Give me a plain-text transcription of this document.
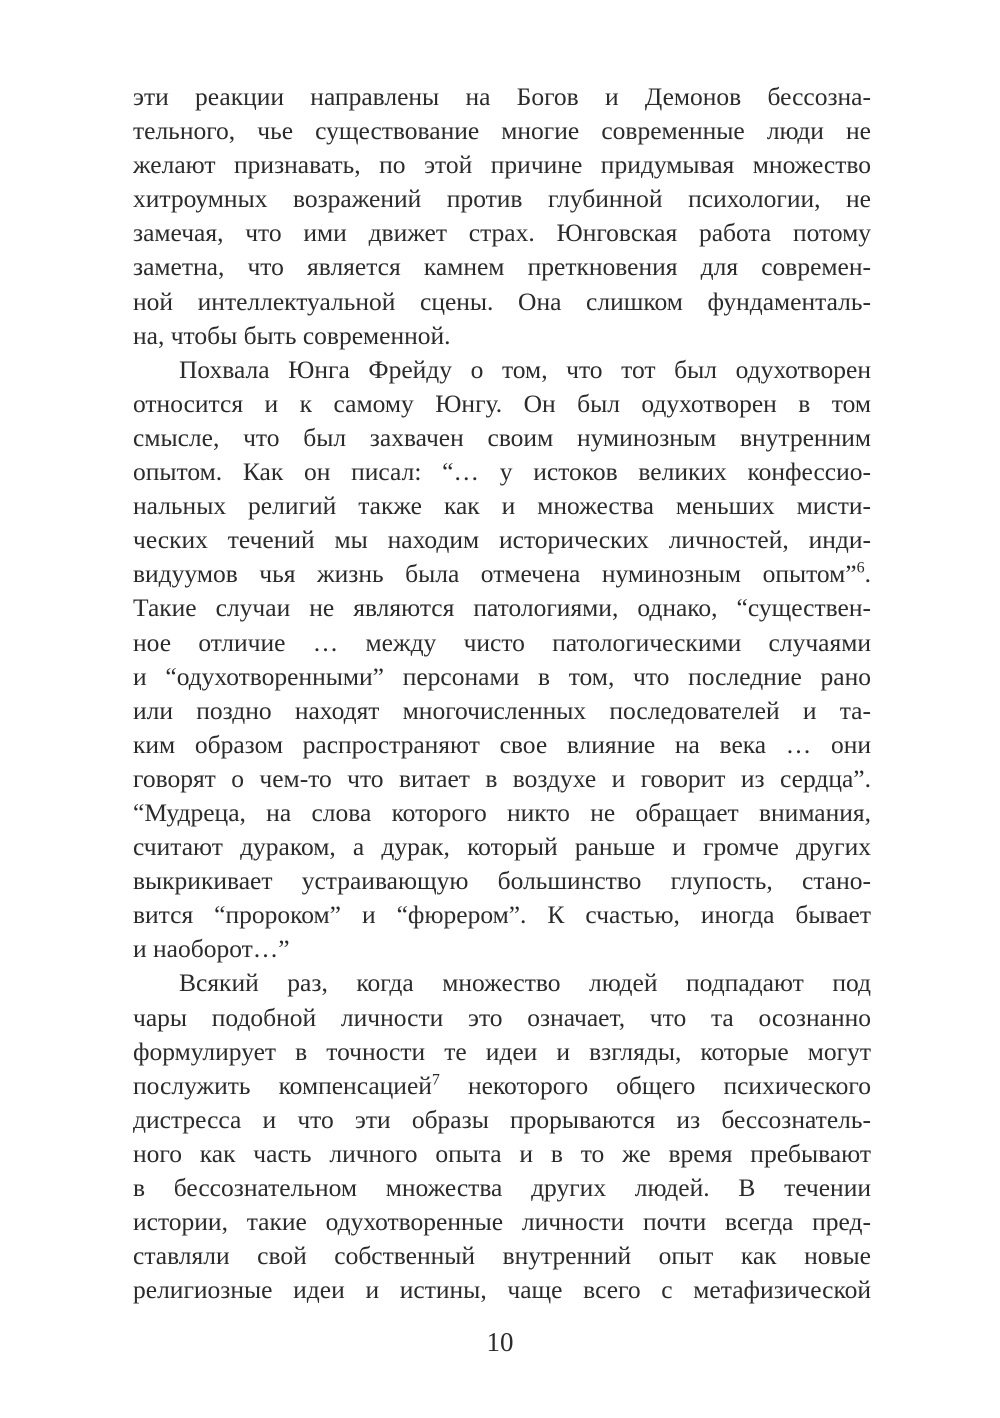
эти реакции направлены на Богов и Демонов бессозна-
тельного, чье существование многие современные люди не
желают признавать, по этой причине придумывая множество
хитроумных возражений против глубинной психологии, не
замечая, что ими движет страх. Юнговская работа потому
заметна, что является камнем преткновения для современ-
ной интеллектуальной сцены. Она слишком фундаменталь-
на, чтобы быть современной.
Похвала Юнга Фрейду о том, что тот был одухотворен
относится и к самому Юнгу. Он был одухотворен в том
смысле, что был захвачен своим нуминозным внутренним
опытом. Как он писал: “… у истоков великих конфессио-
нальных религий также как и множества меньших мисти-
ческих течений мы находим исторических личностей, инди-
видуумов чья жизнь была отмечена нуминозным опытом”$^6$.
Такие случаи не являются патологиями, однако, “существен-
ное отличие … между чисто патологическими случаями
и “одухотворенными” персонами в том, что последние рано
или поздно находят многочисленных последователей и та-
ким образом распространяют свое влияние на века … они
говорят о чем-то что витает в воздухе и говорит из сердца”.
“Мудреца, на слова которого никто не обращает внимания,
считают дураком, а дурак, который раньше и громче других
выкрикивает устраивающую большинство глупость, стано-
вится “пророком” и “фюрером”. К счастью, иногда бывает
и наоборот…”
Всякий раз, когда множество людей подпадают под
чары подобной личности это означает, что та осознанно
формулирует в точности те идеи и взгляды, которые могут
послужить компенсацией$^7$ некоторого общего психического
дистресса и что эти образы прорываются из бессознатель-
ного как часть личного опыта и в то же время пребывают
в бессознательном множества других людей. В течении
истории, такие одухотворенные личности почти всегда пред-
ставляли свой собственный внутренний опыт как новые
религиозные идеи и истины, чаще всего с метафизической
10
